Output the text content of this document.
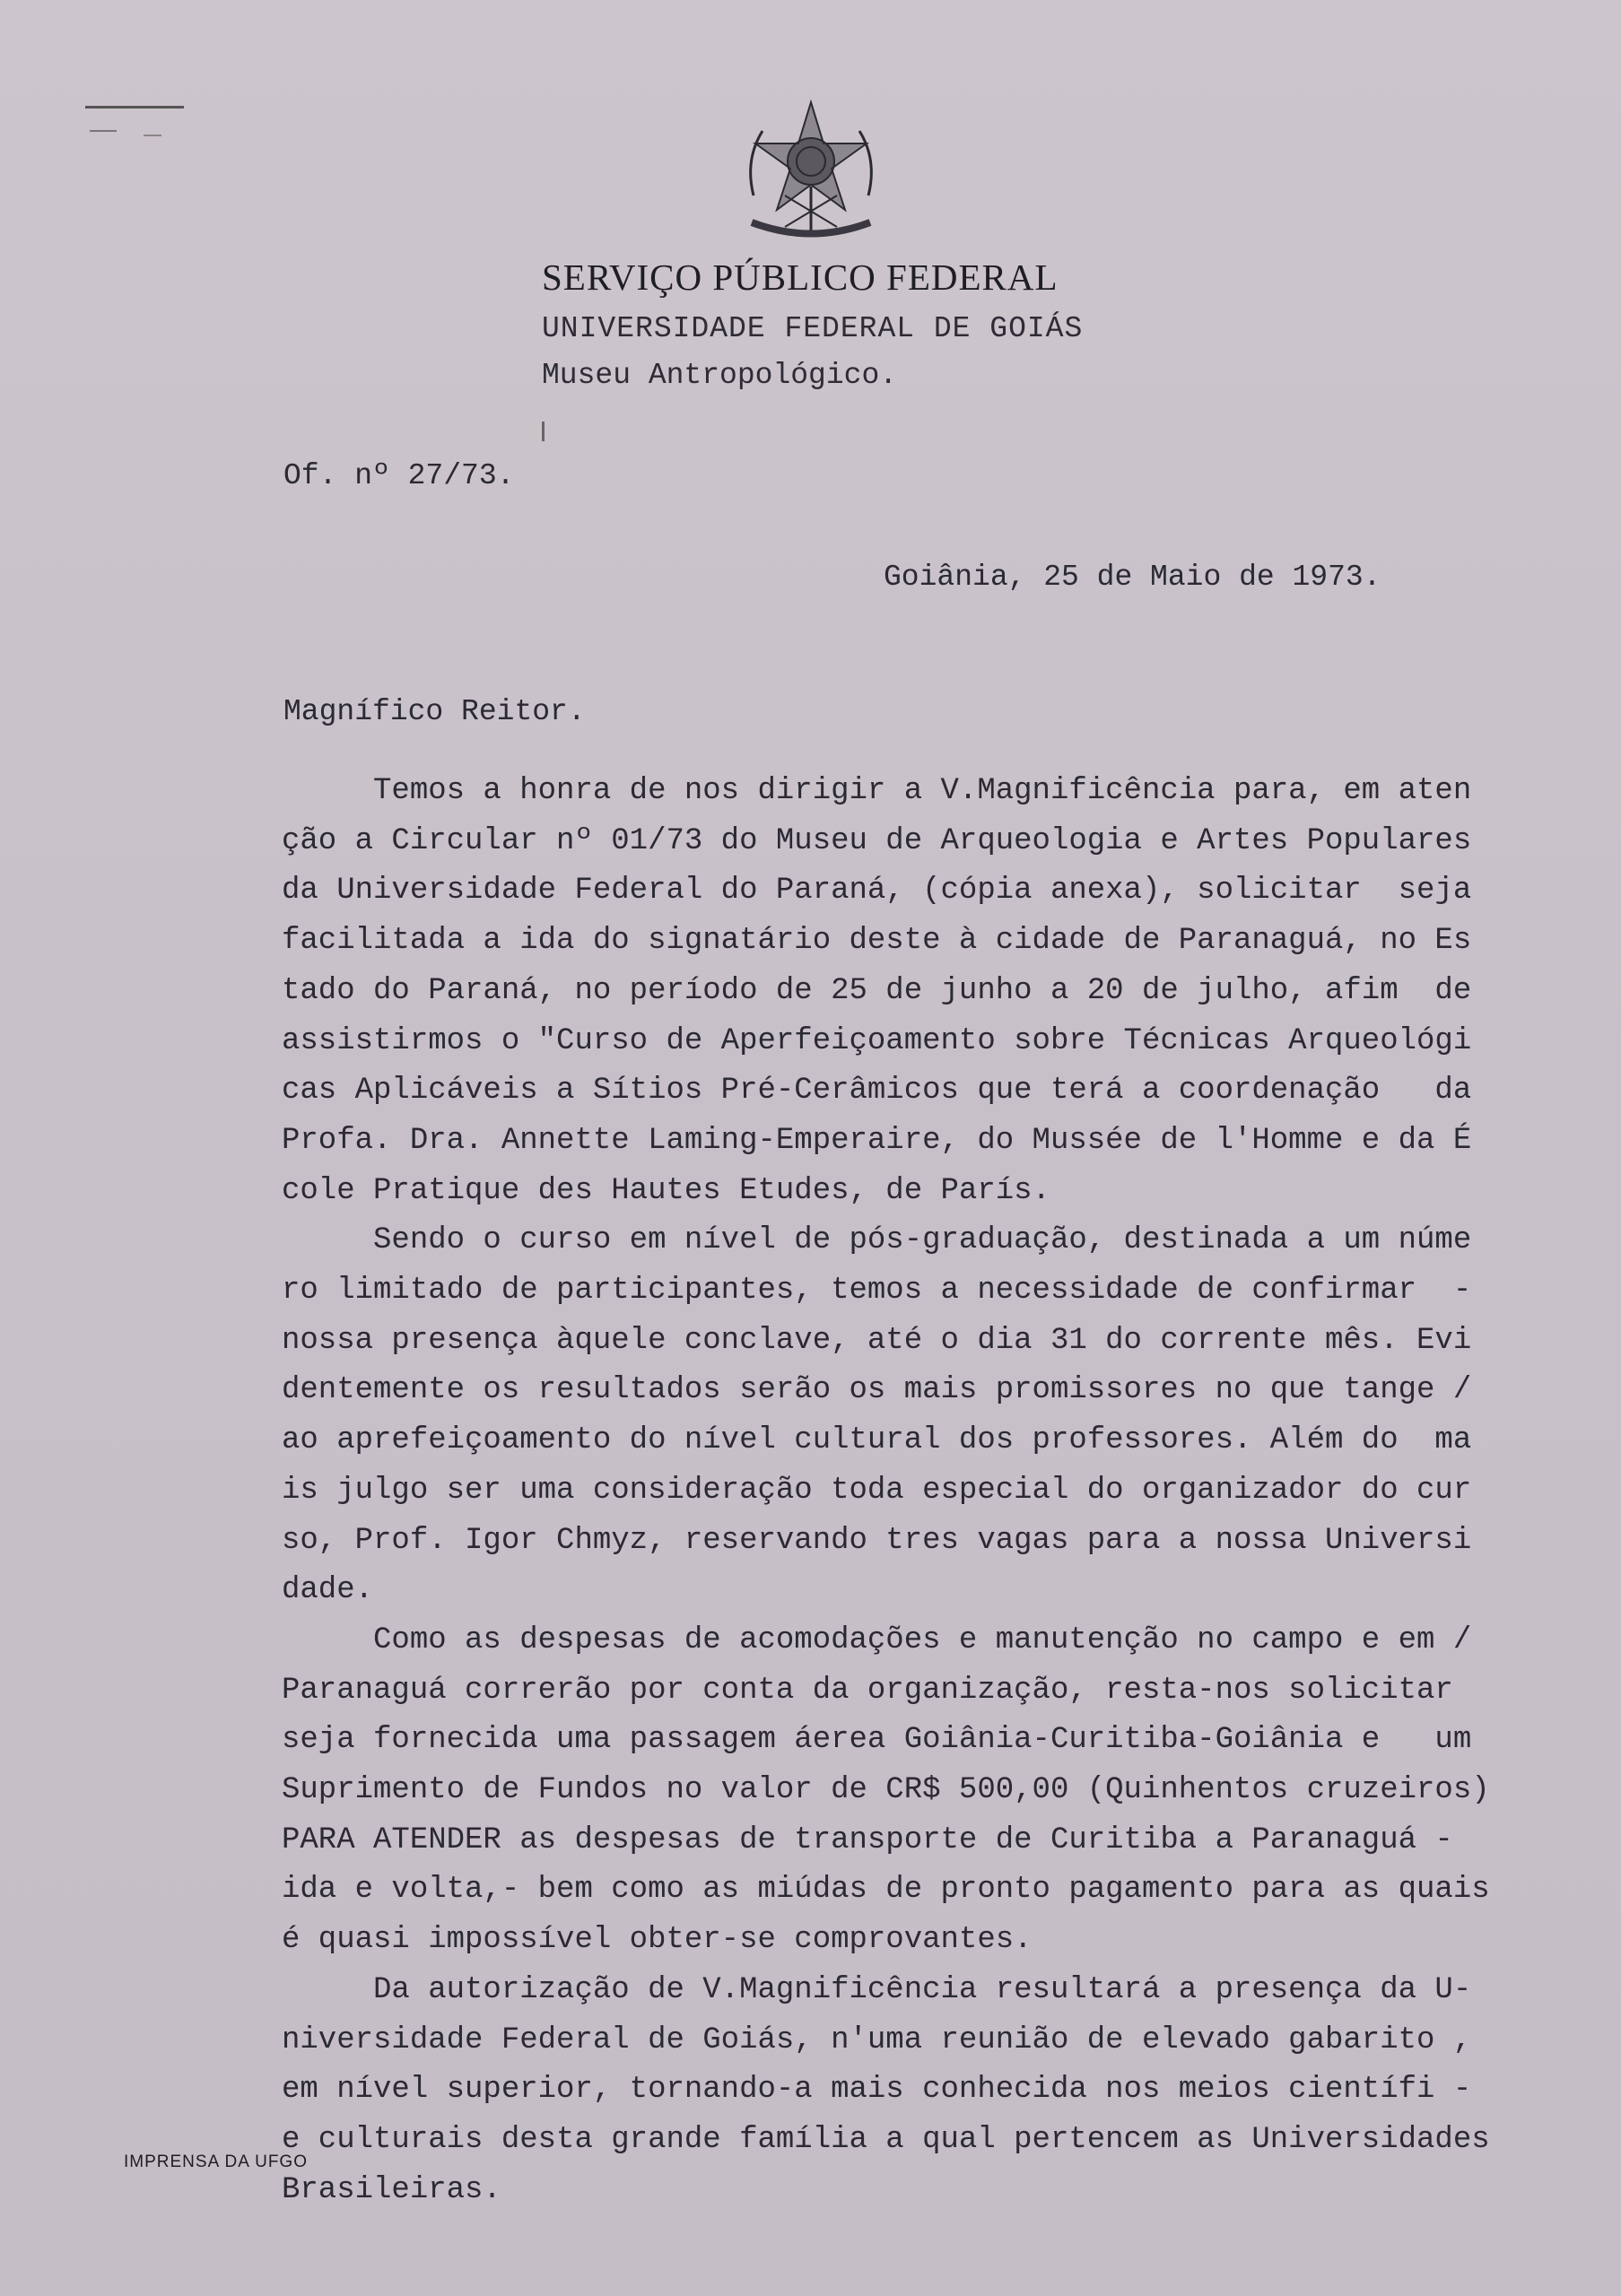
SERVIÇO PÚBLICO FEDERAL
UNIVERSIDADE FEDERAL DE GOIÁS
Museu Antropológico.
Of. nº 27/73.
Goiânia, 25 de Maio de 1973.
Magnífico Reitor.
Temos a honra de nos dirigir a V.Magnificência para, em aten
ção a Circular nº 01/73 do Museu de Arqueologia e Artes Populares
da Universidade Federal do Paraná, (cópia anexa), solicitar  seja
facilitada a ida do signatário deste à cidade de Paranaguá, no Es
tado do Paraná, no período de 25 de junho a 20 de julho, afim  de
assistirmos o "Curso de Aperfeiçoamento sobre Técnicas Arqueológi
cas Aplicáveis a Sítios Pré-Cerâmicos que terá a coordenação   da
Profa. Dra. Annette Laming-Emperaire, do Mussée de l'Homme e da É
cole Pratique des Hautes Etudes, de París.
Sendo o curso em nível de pós-graduação, destinada a um núme
ro limitado de participantes, temos a necessidade de confirmar  -
nossa presença àquele conclave, até o dia 31 do corrente mês. Evi
dentemente os resultados serão os mais promissores no que tange /
ao aprefeiçoamento do nível cultural dos professores. Além do  ma
is julgo ser uma consideração toda especial do organizador do cur
so, Prof. Igor Chmyz, reservando tres vagas para a nossa Universi
dade.
Como as despesas de acomodações e manutenção no campo e em /
Paranaguá correrão por conta da organização, resta-nos solicitar
seja fornecida uma passagem áerea Goiânia-Curitiba-Goiânia e   um
Suprimento de Fundos no valor de CR$ 500,00 (Quinhentos cruzeiros)
PARA ATENDER as despesas de transporte de Curitiba a Paranaguá -
ida e volta,- bem como as miúdas de pronto pagamento para as quais
é quasi impossível obter-se comprovantes.
Da autorização de V.Magnificência resultará a presença da U-
niversidade Federal de Goiás, n'uma reunião de elevado gabarito ,
em nível superior, tornando-a mais conhecida nos meios científi -
e culturais desta grande família a qual pertencem as Universidades
Brasileiras.
IMPRENSA DA UFGO
